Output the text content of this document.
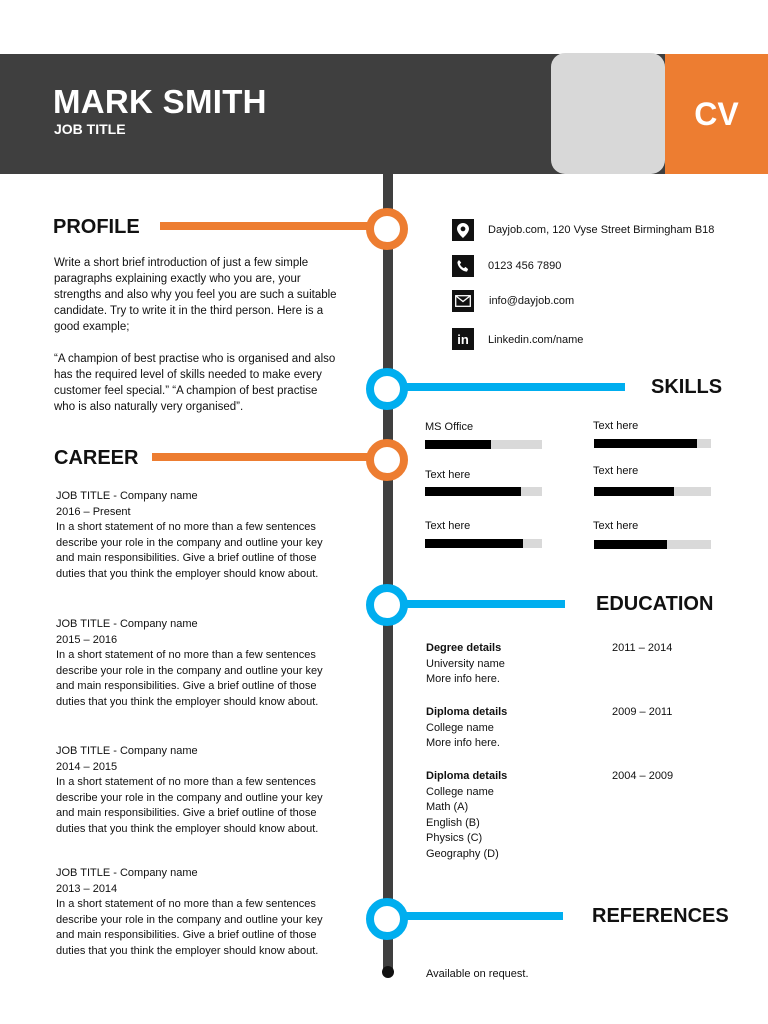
MARK SMITH
JOB TITLE	CV
PROFILE
Write a short brief introduction of just a few simple
paragraphs explaining exactly who you are, your
strengths and also why you feel you are such a suitable
candidate. Try to write it in the third person. Here is a
good example;
“A champion of best practise who is organised and also
has the required level of skills needed to make every
customer feel special.” “A champion of best practise
who is also naturally very organised”.
CAREER
JOB TITLE - Company name
2016 – Present
In a short statement of no more than a few sentences
describe your role in the company and outline your key
and main responsibilities. Give a brief outline of those
duties that you think the employer should know about.
JOB TITLE - Company name
2015 – 2016
In a short statement of no more than a few sentences
describe your role in the company and outline your key
and main responsibilities. Give a brief outline of those
duties that you think the employer should know about.
JOB TITLE - Company name
2014 – 2015
In a short statement of no more than a few sentences
describe your role in the company and outline your key
and main responsibilities. Give a brief outline of those
duties that you think the employer should know about.
JOB TITLE - Company name
2013 – 2014
In a short statement of no more than a few sentences
describe your role in the company and outline your key
and main responsibilities. Give a brief outline of those
duties that you think the employer should know about.
Dayjob.com, 120 Vyse Street Birmingham B18
0123 456 7890
info@dayjob.com
in	Linkedin.com/name
SKILLS
MS Office	Text here
Text here	Text here
Text here	Text here
EDUCATION
Degree details
University name
More info here.
2011 – 2014
Diploma details
College name
More info here.
2009 – 2011
Diploma details
College name
Math (A)
English (B)
Physics (C)
Geography (D)
2004 – 2009
REFERENCES
Available on request.
